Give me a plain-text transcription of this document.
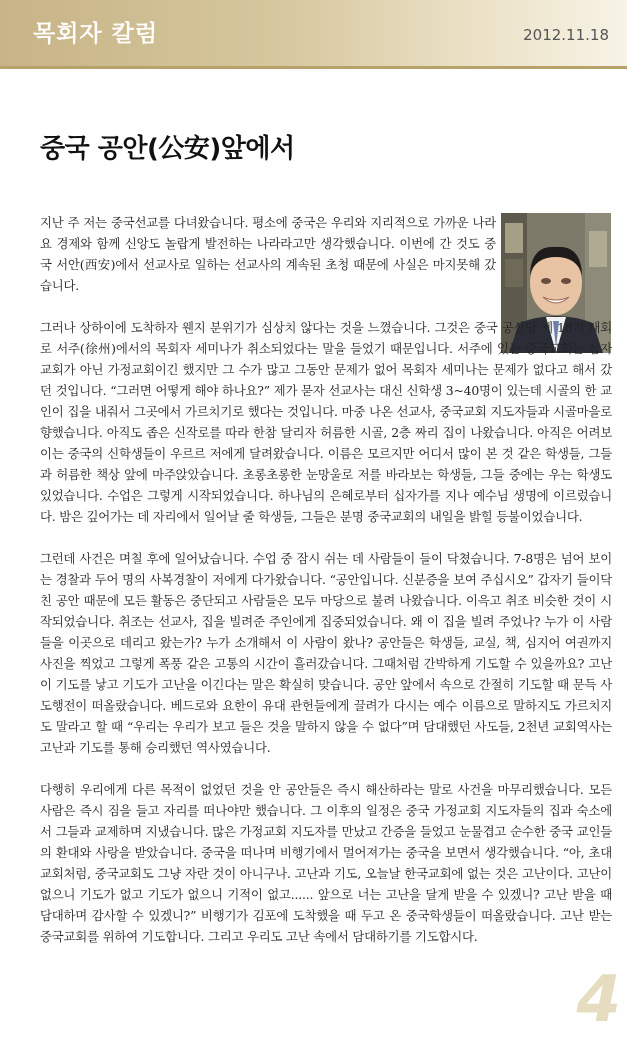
목회자 칼럼	2012.11.18
중국 공안(公安)앞에서

지난 주 저는 중국선교를 다녀왔습니다. 평소에 중국은 우리와 지리적으로 가까운 나라요 경제와 함께 신앙도 놀랍게 발전하는 나라라고만 생각했습니다. 이번에 간 것도 중국 서안(西安)에서 선교사로 일하는 선교사의 계속된 초청 때문에 사실은 마지못해 갔습니다.

그러나 상하이에 도착하자 웬지 분위기가 심상치 않다는 것을 느꼈습니다. 그것은 중국 공산당 제 18기 대회로 서주(徐州)에서의 목회자 세미나가 취소되었다는 말을 들었기 때문입니다. 서주에 있는 중국교회는 삼자교회가 아닌 가정교회이긴 했지만 그 수가 많고 그동안 문제가 없어 목회자 세미나는 문제가 없다고 해서 갔던 것입니다. “그러면 어떻게 해야 하나요?” 제가 묻자 선교사는 대신 신학생 3~40명이 있는데 시골의 한 교인이 집을 내줘서 그곳에서 가르치기로 했다는 것입니다. 마중 나온 선교사, 중국교회 지도자들과 시골마을로 향했습니다. 아직도 좁은 신작로를 따라 한참 달리자 허름한 시골, 2층 짜리 집이 나왔습니다. 아직은 어려보이는 중국의 신학생들이 우르르 저에게 달려왔습니다. 이름은 모르지만 어디서 많이 본 것 같은 학생들, 그들과 허름한 책상 앞에 마주앉았습니다. 초롱초롱한 눈망울로 저를 바라보는 학생들, 그들 중에는 우는 학생도 있었습니다. 수업은 그렇게 시작되었습니다. 하나님의 은혜로부터 십자가를 지나 예수님 생명에 이르렀습니다. 밤은 깊어가는 데 자리에서 일어날 줄 학생들, 그들은 분명 중국교회의 내일을 밝힐 등불이었습니다.

그런데 사건은 며칠 후에 일어났습니다. 수업 중 잠시 쉬는 데 사람들이 들이 닥쳤습니다. 7-8명은 넘어 보이는 경찰과 두어 명의 사복경찰이 저에게 다가왔습니다. “공안입니다. 신분증을 보여 주십시오” 갑자기 들이닥친 공안 때문에 모든 활동은 중단되고 사람들은 모두 마당으로 불려 나왔습니다. 이윽고 취조 비슷한 것이 시작되었습니다. 취조는 선교사, 집을 빌려준 주인에게 집중되었습니다. 왜 이 집을 빌려 주었나? 누가 이 사람들을 이곳으로 데리고 왔는가? 누가 소개해서 이 사람이 왔나? 공안들은 학생들, 교실, 책, 심지어 여권까지 사진을 찍었고 그렇게 폭풍 같은 고통의 시간이 흘러갔습니다. 그때처럼 간박하게 기도할 수 있을까요? 고난이 기도를 낳고 기도가 고난을 이긴다는 말은 확실히 맞습니다. 공안 앞에서 속으로 간절히 기도할 때 문득 사도행전이 떠올랐습니다. 베드로와 요한이 유대 관헌들에게 끌려가 다시는 예수 이름으로 말하지도 가르치지도 말라고 할 때 “우리는 우리가 보고 들은 것을 말하지 않을 수 없다”며 담대했던 사도들, 2천년 교회역사는 고난과 기도를 통해 승리했던 역사였습니다.

다행히 우리에게 다른 목적이 없었던 것을 안 공안들은 즉시 해산하라는 말로 사건을 마무리했습니다. 모든 사람은 즉시 짐을 들고 자리를 떠나야만 했습니다. 그 이후의 일정은 중국 가정교회 지도자들의 집과 숙소에서 그들과 교제하며 지냈습니다. 많은 가정교회 지도자를 만났고 간증을 들었고 눈물겹고 순수한 중국 교인들의 환대와 사랑을 받았습니다. 중국을 떠나며 비행기에서 멀어져가는 중국을 보면서 생각했습니다. “아, 초대교회처럼, 중국교회도 그냥 자란 것이 아니구나. 고난과 기도, 오늘날 한국교회에 없는 것은 고난이다. 고난이 없으니 기도가 없고 기도가 없으니 기적이 없고...... 앞으로 너는 고난을 달게 받을 수 있겠니? 고난 받을 때 담대하며 감사할 수 있겠니?” 비행기가 김포에 도착했을 때 두고 온 중국학생들이 떠올랐습니다. 고난 받는 중국교회를 위하여 기도합니다. 그리고 우리도 고난 속에서 담대하기를 기도합시다.

4
